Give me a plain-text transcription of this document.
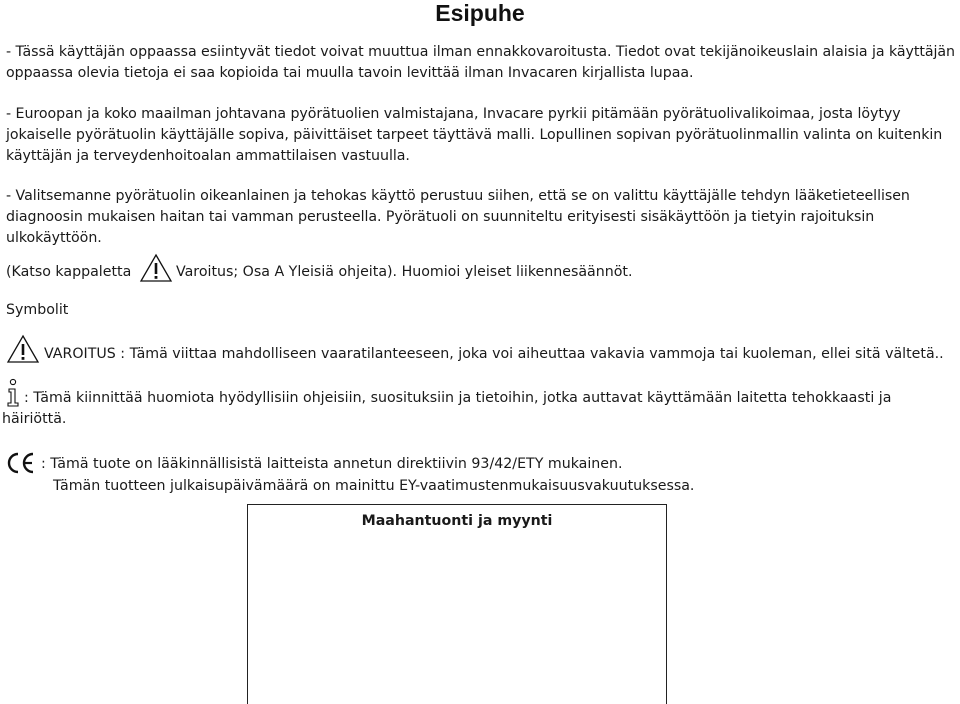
Esipuhe
- Tässä käyttäjän oppaassa esiintyvät tiedot voivat muuttua ilman ennakkovaroitusta. Tiedot ovat tekijänoikeuslain alaisia ja käyttäjän oppaassa olevia tietoja ei saa kopioida tai muulla tavoin levittää ilman Invacaren kirjallista lupaa.
- Euroopan ja koko maailman johtavana pyörätuolien valmistajana, Invacare pyrkii pitämään pyörätuolivalikoimaa, josta löytyy jokaiselle pyörätuolin käyttäjälle sopiva, päivittäiset tarpeet täyttävä malli. Lopullinen sopivan pyörätuolinmallin valinta on kuitenkin käyttäjän ja terveydenhoitoalan ammattilaisen vastuulla.
- Valitsemanne pyörätuolin oikeanlainen ja tehokas käyttö perustuu siihen, että se on valittu käyttäjälle tehdyn lääketieteellisen diagnoosin mukaisen haitan tai vamman perusteella. Pyörätuoli on suunniteltu erityisesti sisäkäyttöön ja tietyin rajoituksin ulkokäyttöön.
(Katso kappaletta	Varoitus; Osa A Yleisiä ohjeita). Huomioi yleiset liikennesäännöt.
Symbolit
VAROITUS : Tämä viittaa mahdolliseen vaaratilanteeseen, joka voi aiheuttaa vakavia vammoja tai kuoleman, ellei sitä vältetä..
: Tämä kiinnittää huomiota hyödyllisiin ohjeisiin, suosituksiin ja tietoihin, jotka auttavat käyttämään laitetta tehokkaasti ja
häiriöttä.
: Tämä tuote on lääkinnällisistä laitteista annetun direktiivin 93/42/ETY mukainen.
Tämän tuotteen julkaisupäivämäärä on mainittu EY-vaatimustenmukaisuusvakuutuksessa.
Maahantuonti ja myynti
